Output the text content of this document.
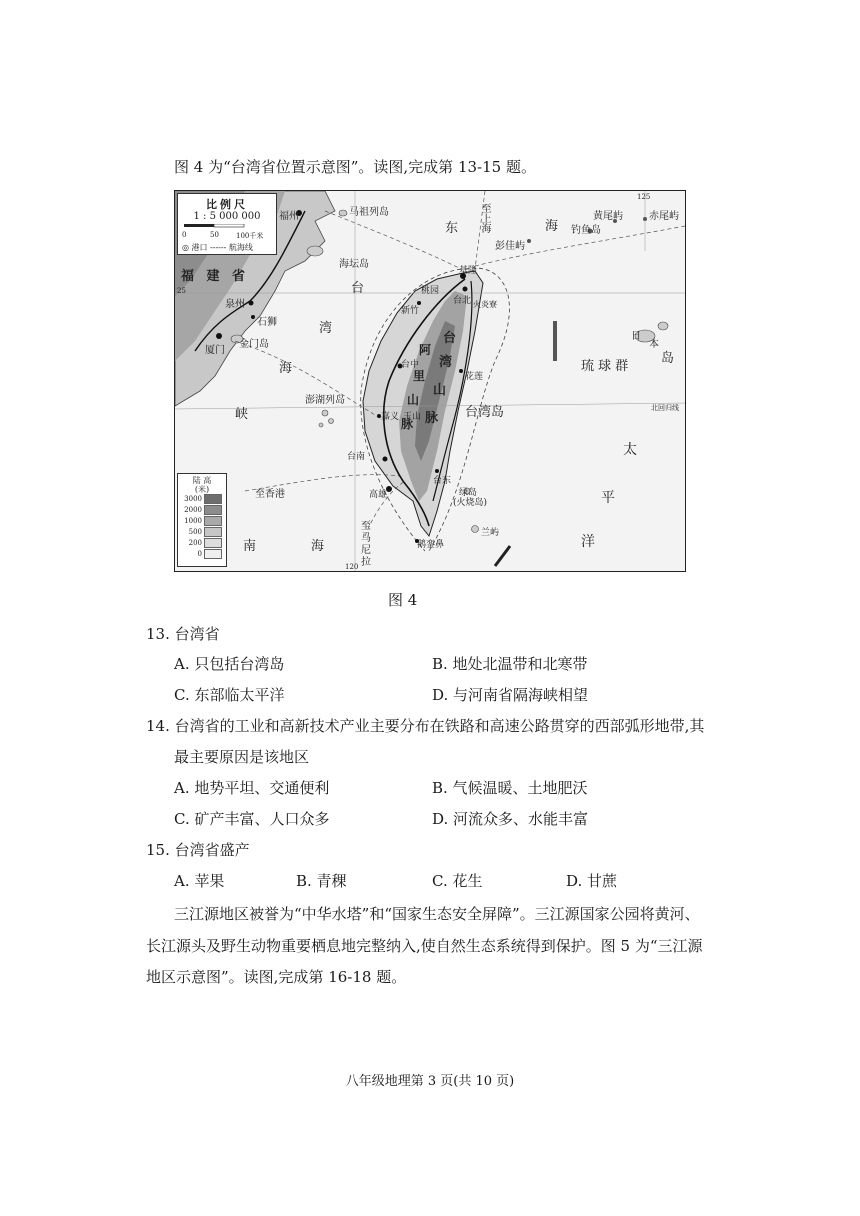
图 4 为“台湾省位置示意图”。读图,完成第 13-15 题。
比例尺
1 : 5 000 000
0	50 100千米
◎ 港口 ------ 航海线
陆 高
(米)
3000
2000
1000
500
200
0
福 建 省
福州	马祖列岛
海坛岛
泉州
石狮
厦门
金门岛
澎湖列岛
台
湾
海
峡
东	海
至上海
彭佳屿
黄尾屿	赤尾屿
钓鱼岛
基隆
桃园
台北
新竹
火炎寮
台中
玉山
嘉义
台南
高雄
花莲
台东
绿岛
(火烧岛)
兰屿
鹅銮鼻
台湾岛
台
湾
山
脉
阿
里
山
脉
琉 球 群
岛
日
本
太
平
洋
至香港
南	海
至马尼拉
北回归线
25
120
125
图 4
13. 台湾省
A. 只包括台湾岛	B. 地处北温带和北寒带
C. 东部临太平洋	D. 与河南省隔海峡相望
14. 台湾省的工业和高新技术产业主要分布在铁路和高速公路贯穿的西部弧形地带,其
最主要原因是该地区
A. 地势平坦、交通便利	B. 气候温暖、土地肥沃
C. 矿产丰富、人口众多	D. 河流众多、水能丰富
15. 台湾省盛产
A. 苹果	B. 青稞	C. 花生	D. 甘蔗
三江源地区被誉为“中华水塔”和“国家生态安全屏障”。三江源国家公园将黄河、
长江源头及野生动物重要栖息地完整纳入,使自然生态系统得到保护。图 5 为“三江源
地区示意图”。读图,完成第 16-18 题。
八年级地理第 3 页(共 10 页)
